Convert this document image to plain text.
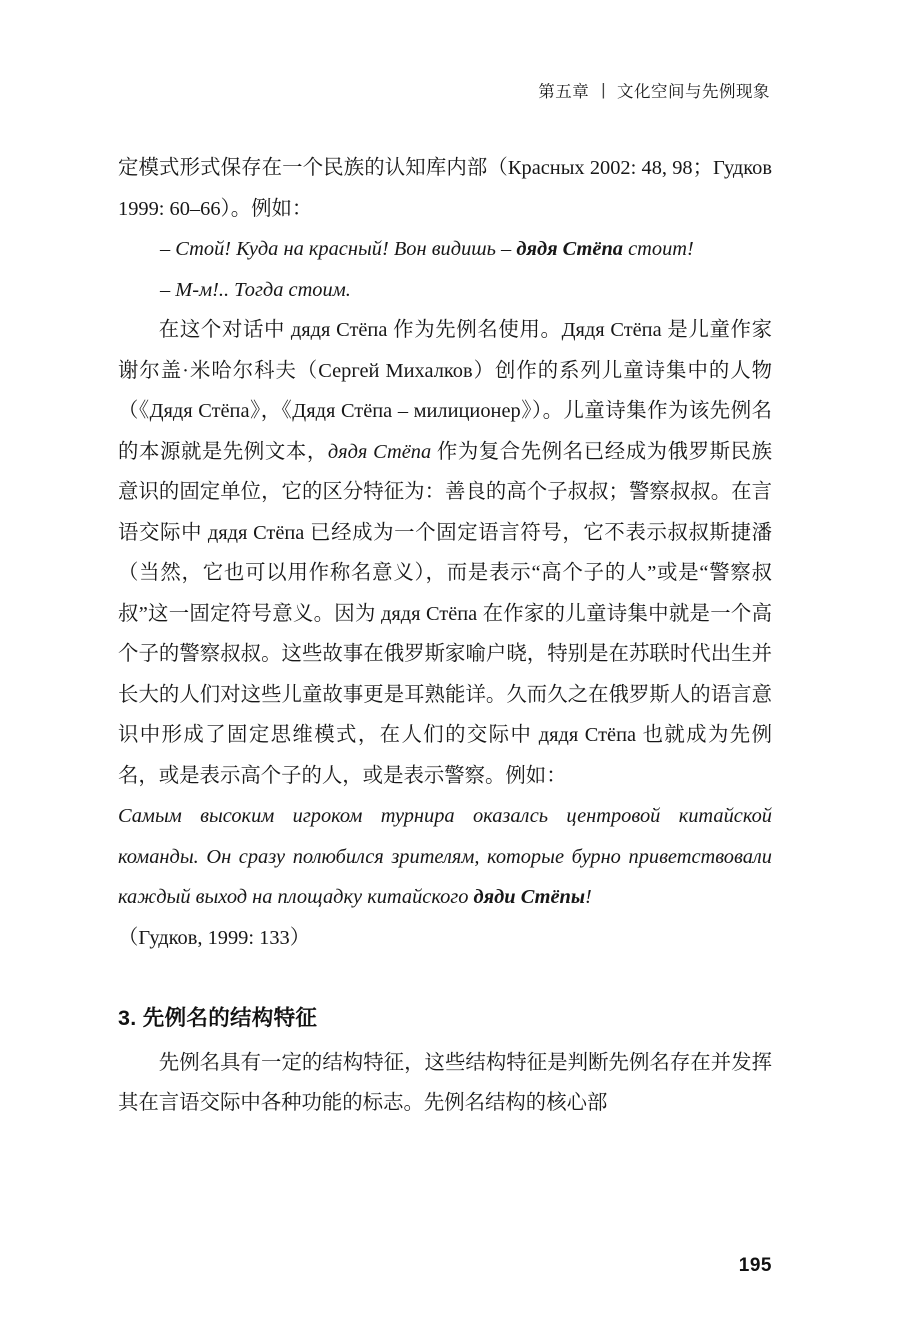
第五章 | 文化空间与先例现象

定模式形式保存在一个民族的认知库内部（Красных 2002: 48, 98；Гудков 1999: 60–66）。例如：

– Стой! Куда на красный! Вон видишь – дядя Стёпа стоит!

– М-м!.. Тогда стоим.

在这个对话中 дядя Стёпа 作为先例名使用。Дядя Стёпа 是儿童作家谢尔盖·米哈尔科夫（Сергей Михалков）创作的系列儿童诗集中的人物（《Дядя Стёпа》，《Дядя Стёпа – милиционер》）。儿童诗集作为该先例名的本源就是先例文本，дядя Стёпа 作为复合先例名已经成为俄罗斯民族意识的固定单位，它的区分特征为：善良的高个子叔叔；警察叔叔。在言语交际中 дядя Стёпа 已经成为一个固定语言符号，它不表示叔叔斯捷潘（当然，它也可以用作称名意义），而是表示“高个子的人”或是“警察叔叔”这一固定符号意义。因为 дядя Стёпа 在作家的儿童诗集中就是一个高个子的警察叔叔。这些故事在俄罗斯家喻户晓，特别是在苏联时代出生并长大的人们对这些儿童故事更是耳熟能详。久而久之在俄罗斯人的语言意识中形成了固定思维模式，在人们的交际中 дядя Стёпа 也就成为先例名，或是表示高个子的人，或是表示警察。例如：

Самым высоким игроком турнира оказалсь центровой китайской команды. Он сразу полюбился зрителям, которые бурно приветствовали каждый выход на площадку китайского дяди Стёпы!

（Гудков, 1999: 133）

3. 先例名的结构特征

先例名具有一定的结构特征，这些结构特征是判断先例名存在并发挥其在言语交际中各种功能的标志。先例名结构的核心部

195
